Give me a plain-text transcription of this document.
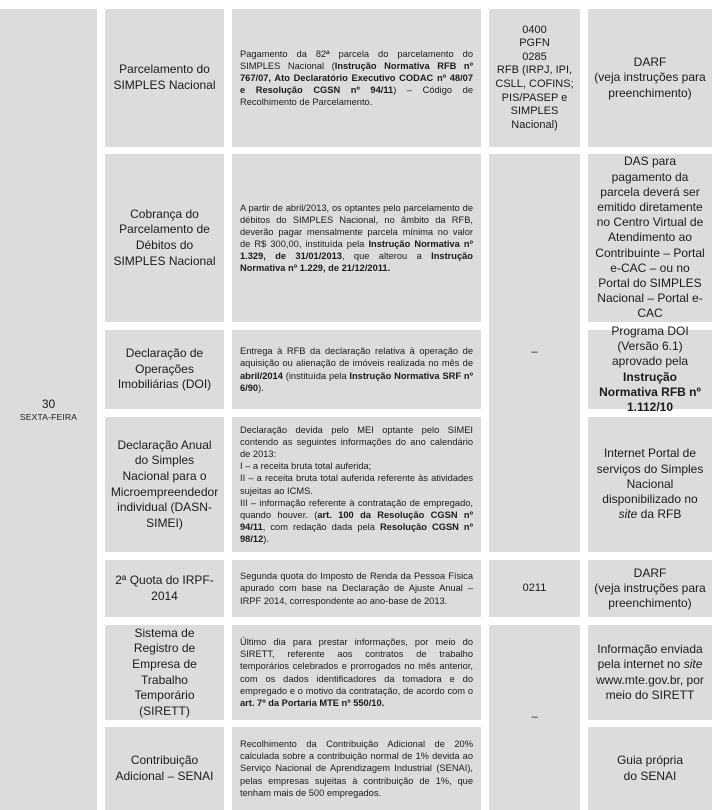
30
SEXTA-FEIRA
Parcelamento do SIMPLES Nacional

Pagamento da 82ª parcela do parcelamento do SIMPLES Nacional (Instrução Normativa RFB nº 767/07, Ato Declaratório Executivo CODAC nº 48/07 e Resolução CGSN nº 94/11) – Código de Recolhimento de Parcelamento.

0400
PGFN
0285
RFB (IRPJ, IPI, CSLL, COFINS; PIS/PASEP e SIMPLES Nacional)
DARF
(veja instruções para preenchimento)
Cobrança do Parcelamento de Débitos do SIMPLES Nacional

A partir de abril/2013, os optantes pelo parcelamento de débitos do SIMPLES Nacional, no âmbito da RFB, deverão pagar mensalmente parcela mínima no valor de R$ 300,00, instituída pela Instrução Normativa nº 1.329, de 31/01/2013, que alterou a Instrução Normativa nº 1.229, de 21/12/2011.

DAS para pagamento da parcela deverá ser emitido diretamente no Centro Virtual de Atendimento ao Contribuinte – Portal e-CAC – ou no Portal do SIMPLES Nacional – Portal e-CAC
–
Declaração de Operações Imobiliárias (DOI)

Entrega à RFB da declaração relativa à operação de aquisição ou alienação de imóveis realizada no mês de abril/2014 (instituída pela Instrução Normativa SRF nº 6/90).

Programa DOI (Versão 6.1) aprovado pela Instrução Normativa RFB nº 1.112/10
Declaração Anual do Simples Nacional para o Microempreendedor individual (DASN-SIMEI)

Declaração devida pelo MEI optante pelo SIMEI contendo as seguintes informações do ano calendário de 2013:
I – a receita bruta total auferida;
II – a receita bruta total auferida referente às atividades sujeitas ao ICMS.
III – informação referente à contratação de empregado, quando houver. (art. 100 da Resolução CGSN nº 94/11, com redação dada pela Resolução CGSN nº 98/12).

Internet Portal de serviços do Simples Nacional disponibilizado no site da RFB
2ª Quota do IRPF-2014

Segunda quota do Imposto de Renda da Pessoa Física apurado com base na Declaração de Ajuste Anual – IRPF 2014, correspondente ao ano-base de 2013.

0211
DARF
(veja instruções para preenchimento)
Sistema de Registro de Empresa de Trabalho Temporário (SIRETT)

Último dia para prestar informações, por meio do SIRETT, referente aos contratos de trabalho temporários celebrados e prorrogados no mês anterior, com os dados identificadores da tomadora e do empregado e o motivo da contratação, de acordo com o art. 7º da Portaria MTE nº 550/10.

Informação enviada pela internet no site www.mte.gov.br, por meio do SIRETT
–
Contribuição Adicional – SENAI

Recolhimento da Contribuição Adicional de 20% calculada sobre a contribuição normal de 1% devida ao Serviço Nacional de Aprendizagem Industrial (SENAI), pelas empresas sujeitas à contribuição de 1%, que tenham mais de 500 empregados.

Guia própria
do SENAI
